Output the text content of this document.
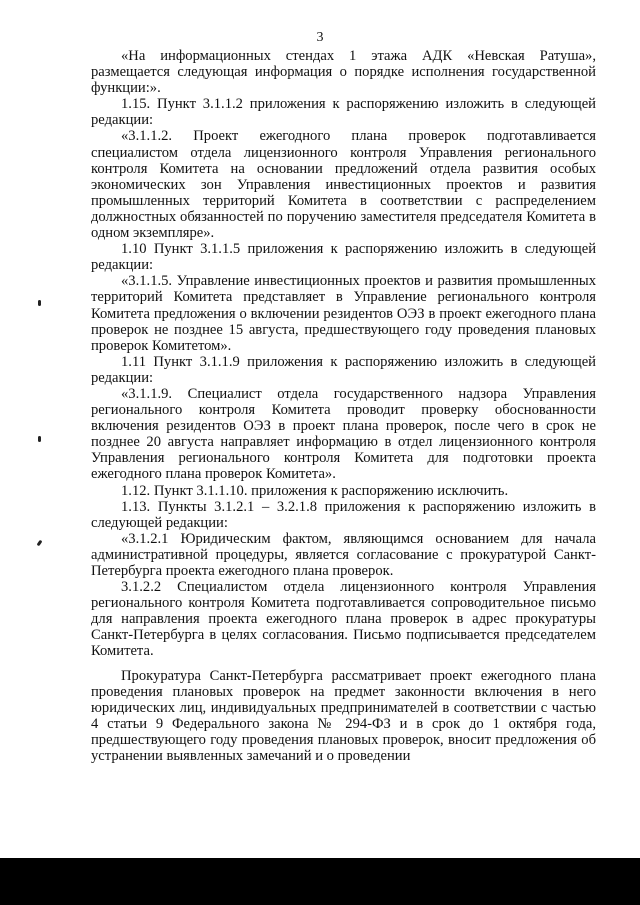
3

«На информационных стендах 1 этажа АДК «Невская Ратуша», размещается следующая информация о порядке исполнения государственной функции:».

1.15. Пункт 3.1.1.2 приложения к распоряжению изложить в следующей редакции:

«3.1.1.2. Проект ежегодного плана проверок подготавливается специалистом отдела лицензионного контроля Управления регионального контроля Комитета на основании предложений отдела развития особых экономических зон Управления инвестиционных проектов и развития промышленных территорий Комитета в соответствии с распределением должностных обязанностей по поручению заместителя председателя Комитета в одном экземпляре».

1.10 Пункт 3.1.1.5 приложения к распоряжению изложить в следующей редакции:

«3.1.1.5. Управление инвестиционных проектов и развития промышленных территорий Комитета представляет в Управление регионального контроля Комитета предложения о включении резидентов ОЭЗ в проект ежегодного плана проверок не позднее 15 августа, предшествующего году проведения плановых проверок Комитетом».

1.11 Пункт 3.1.1.9 приложения к распоряжению изложить в следующей редакции:

«3.1.1.9. Специалист отдела государственного надзора Управления регионального контроля Комитета проводит проверку обоснованности включения резидентов ОЭЗ в проект плана проверок, после чего в срок не позднее 20 августа направляет информацию в отдел лицензионного контроля Управления регионального контроля Комитета для подготовки проекта ежегодного плана проверок Комитета».

1.12. Пункт 3.1.1.10. приложения к распоряжению исключить.

1.13. Пункты 3.1.2.1 – 3.2.1.8 приложения к распоряжению изложить в следующей редакции:

«3.1.2.1 Юридическим фактом, являющимся основанием для начала административной процедуры, является согласование с прокуратурой Санкт-Петербурга проекта ежегодного плана проверок.

3.1.2.2 Специалистом отдела лицензионного контроля Управления регионального контроля Комитета подготавливается сопроводительное письмо для направления проекта ежегодного плана проверок в адрес прокуратуры Санкт-Петербурга в целях согласования. Письмо подписывается председателем Комитета.

Прокуратура Санкт-Петербурга рассматривает проект ежегодного плана проведения плановых проверок на предмет законности включения в него юридических лиц, индивидуальных предпринимателей в соответствии с частью 4 статьи 9 Федерального закона № 294-ФЗ и в срок до 1 октября года, предшествующего году проведения плановых проверок, вносит предложения об устранении выявленных замечаний и о проведении
